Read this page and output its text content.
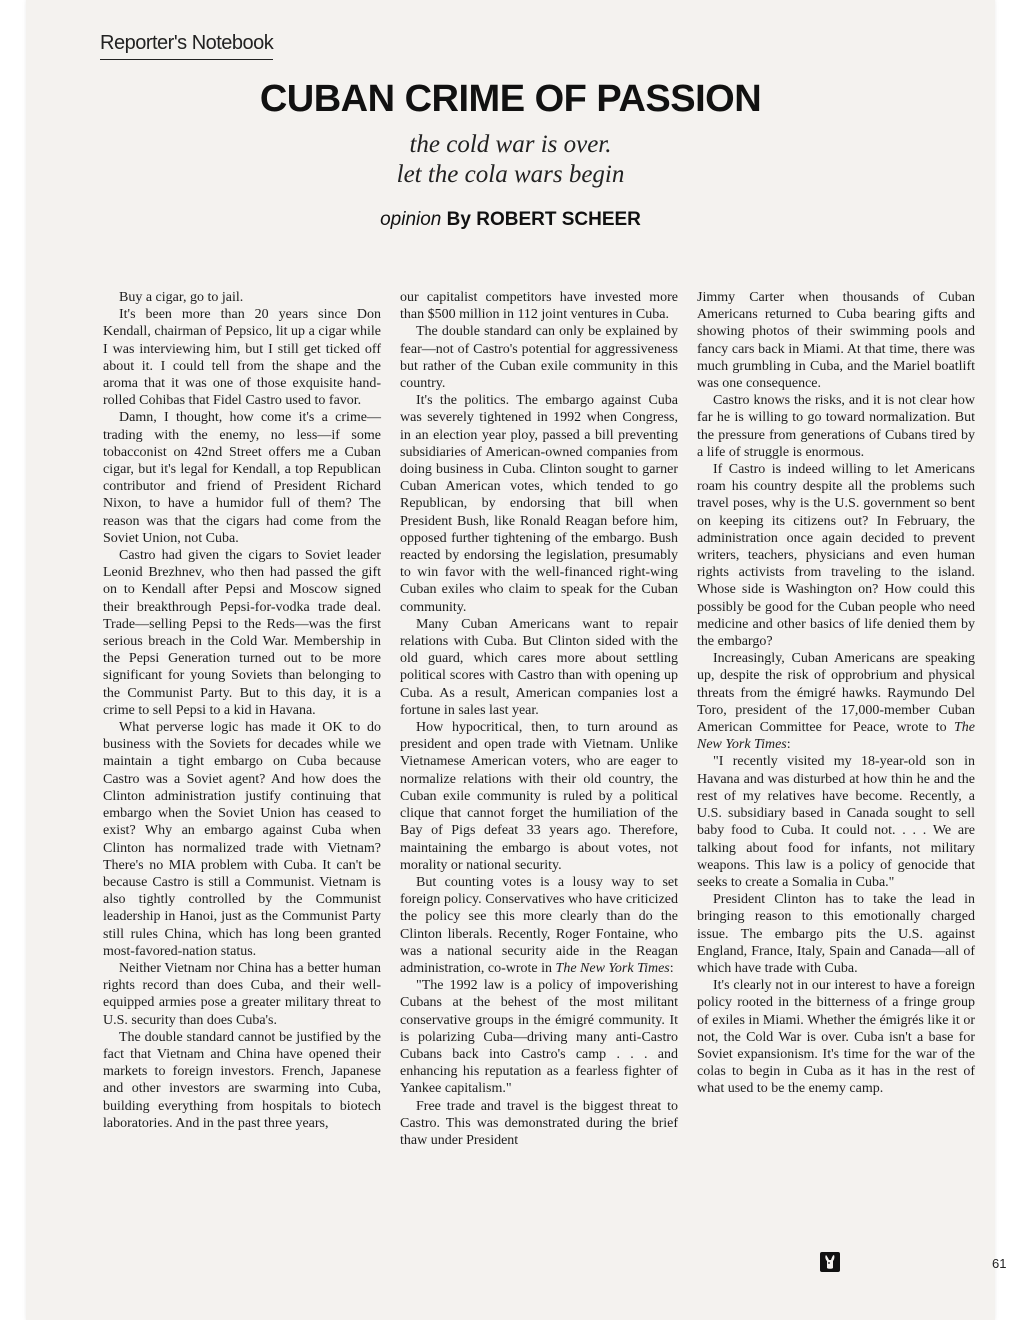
Reporter's Notebook
CUBAN CRIME OF PASSION
the cold war is over.
let the cola wars begin
opinion By ROBERT SCHEER

Buy a cigar, go to jail.

It's been more than 20 years since Don Kendall, chairman of Pepsico, lit up a cigar while I was interviewing him, but I still get ticked off about it. I could tell from the shape and the aroma that it was one of those exquisite hand-rolled Cohibas that Fidel Castro used to favor.

Damn, I thought, how come it's a crime—trading with the enemy, no less—if some tobacconist on 42nd Street offers me a Cuban cigar, but it's legal for Kendall, a top Republican contributor and friend of President Richard Nixon, to have a humidor full of them? The reason was that the cigars had come from the Soviet Union, not Cuba.

Castro had given the cigars to Soviet leader Leonid Brezhnev, who then had passed the gift on to Kendall after Pepsi and Moscow signed their breakthrough Pepsi-for-vodka trade deal. Trade—selling Pepsi to the Reds—was the first serious breach in the Cold War. Membership in the Pepsi Generation turned out to be more significant for young Soviets than belonging to the Communist Party. But to this day, it is a crime to sell Pepsi to a kid in Havana.

What perverse logic has made it OK to do business with the Soviets for decades while we maintain a tight embargo on Cuba because Castro was a Soviet agent? And how does the Clinton administration justify continuing that embargo when the Soviet Union has ceased to exist? Why an embargo against Cuba when Clinton has normalized trade with Vietnam? There's no MIA problem with Cuba. It can't be because Castro is still a Communist. Vietnam is also tightly controlled by the Communist leadership in Hanoi, just as the Communist Party still rules China, which has long been granted most-favored-nation status.

Neither Vietnam nor China has a better human rights record than does Cuba, and their well-equipped armies pose a greater military threat to U.S. security than does Cuba's.

The double standard cannot be justified by the fact that Vietnam and China have opened their markets to foreign investors. French, Japanese and other investors are swarming into Cuba, building everything from hospitals to biotech laboratories. And in the past three years,

our capitalist competitors have invested more than $500 million in 112 joint ventures in Cuba.

The double standard can only be explained by fear—not of Castro's potential for aggressiveness but rather of the Cuban exile community in this country.

It's the politics. The embargo against Cuba was severely tightened in 1992 when Congress, in an election year ploy, passed a bill preventing subsidiaries of American-owned companies from doing business in Cuba. Clinton sought to garner Cuban American votes, which tended to go Republican, by endorsing that bill when President Bush, like Ronald Reagan before him, opposed further tightening of the embargo. Bush reacted by endorsing the legislation, presumably to win favor with the well-financed right-wing Cuban exiles who claim to speak for the Cuban community.

Many Cuban Americans want to repair relations with Cuba. But Clinton sided with the old guard, which cares more about settling political scores with Castro than with opening up Cuba. As a result, American companies lost a fortune in sales last year.

How hypocritical, then, to turn around as president and open trade with Vietnam. Unlike Vietnamese American voters, who are eager to normalize relations with their old country, the Cuban exile community is ruled by a political clique that cannot forget the humiliation of the Bay of Pigs defeat 33 years ago. Therefore, maintaining the embargo is about votes, not morality or national security.

But counting votes is a lousy way to set foreign policy. Conservatives who have criticized the policy see this more clearly than do the Clinton liberals. Recently, Roger Fontaine, who was a national security aide in the Reagan administration, co-wrote in The New York Times:

"The 1992 law is a policy of impoverishing Cubans at the behest of the most militant conservative groups in the émigré community. It is polarizing Cuba—driving many anti-Castro Cubans back into Castro's camp . . . and enhancing his reputation as a fearless fighter of Yankee capitalism."

Free trade and travel is the biggest threat to Castro. This was demonstrated during the brief thaw under President

Jimmy Carter when thousands of Cuban Americans returned to Cuba bearing gifts and showing photos of their swimming pools and fancy cars back in Miami. At that time, there was much grumbling in Cuba, and the Mariel boatlift was one consequence.

Castro knows the risks, and it is not clear how far he is willing to go toward normalization. But the pressure from generations of Cubans tired by a life of struggle is enormous.

If Castro is indeed willing to let Americans roam his country despite all the problems such travel poses, why is the U.S. government so bent on keeping its citizens out? In February, the administration once again decided to prevent writers, teachers, physicians and even human rights activists from traveling to the island. Whose side is Washington on? How could this possibly be good for the Cuban people who need medicine and other basics of life denied them by the embargo?

Increasingly, Cuban Americans are speaking up, despite the risk of opprobrium and physical threats from the émigré hawks. Raymundo Del Toro, president of the 17,000-member Cuban American Committee for Peace, wrote to The New York Times:

"I recently visited my 18-year-old son in Havana and was disturbed at how thin he and the rest of my relatives have become. Recently, a U.S. subsidiary based in Canada sought to sell baby food to Cuba. It could not. . . . We are talking about food for infants, not military weapons. This law is a policy of genocide that seeks to create a Somalia in Cuba."

President Clinton has to take the lead in bringing reason to this emotionally charged issue. The embargo pits the U.S. against England, France, Italy, Spain and Canada—all of which have trade with Cuba.

It's clearly not in our interest to have a foreign policy rooted in the bitterness of a fringe group of exiles in Miami. Whether the émigrés like it or not, the Cold War is over. Cuba isn't a base for Soviet expansionism. It's time for the war of the colas to begin in Cuba as it has in the rest of what used to be the enemy camp.

61
